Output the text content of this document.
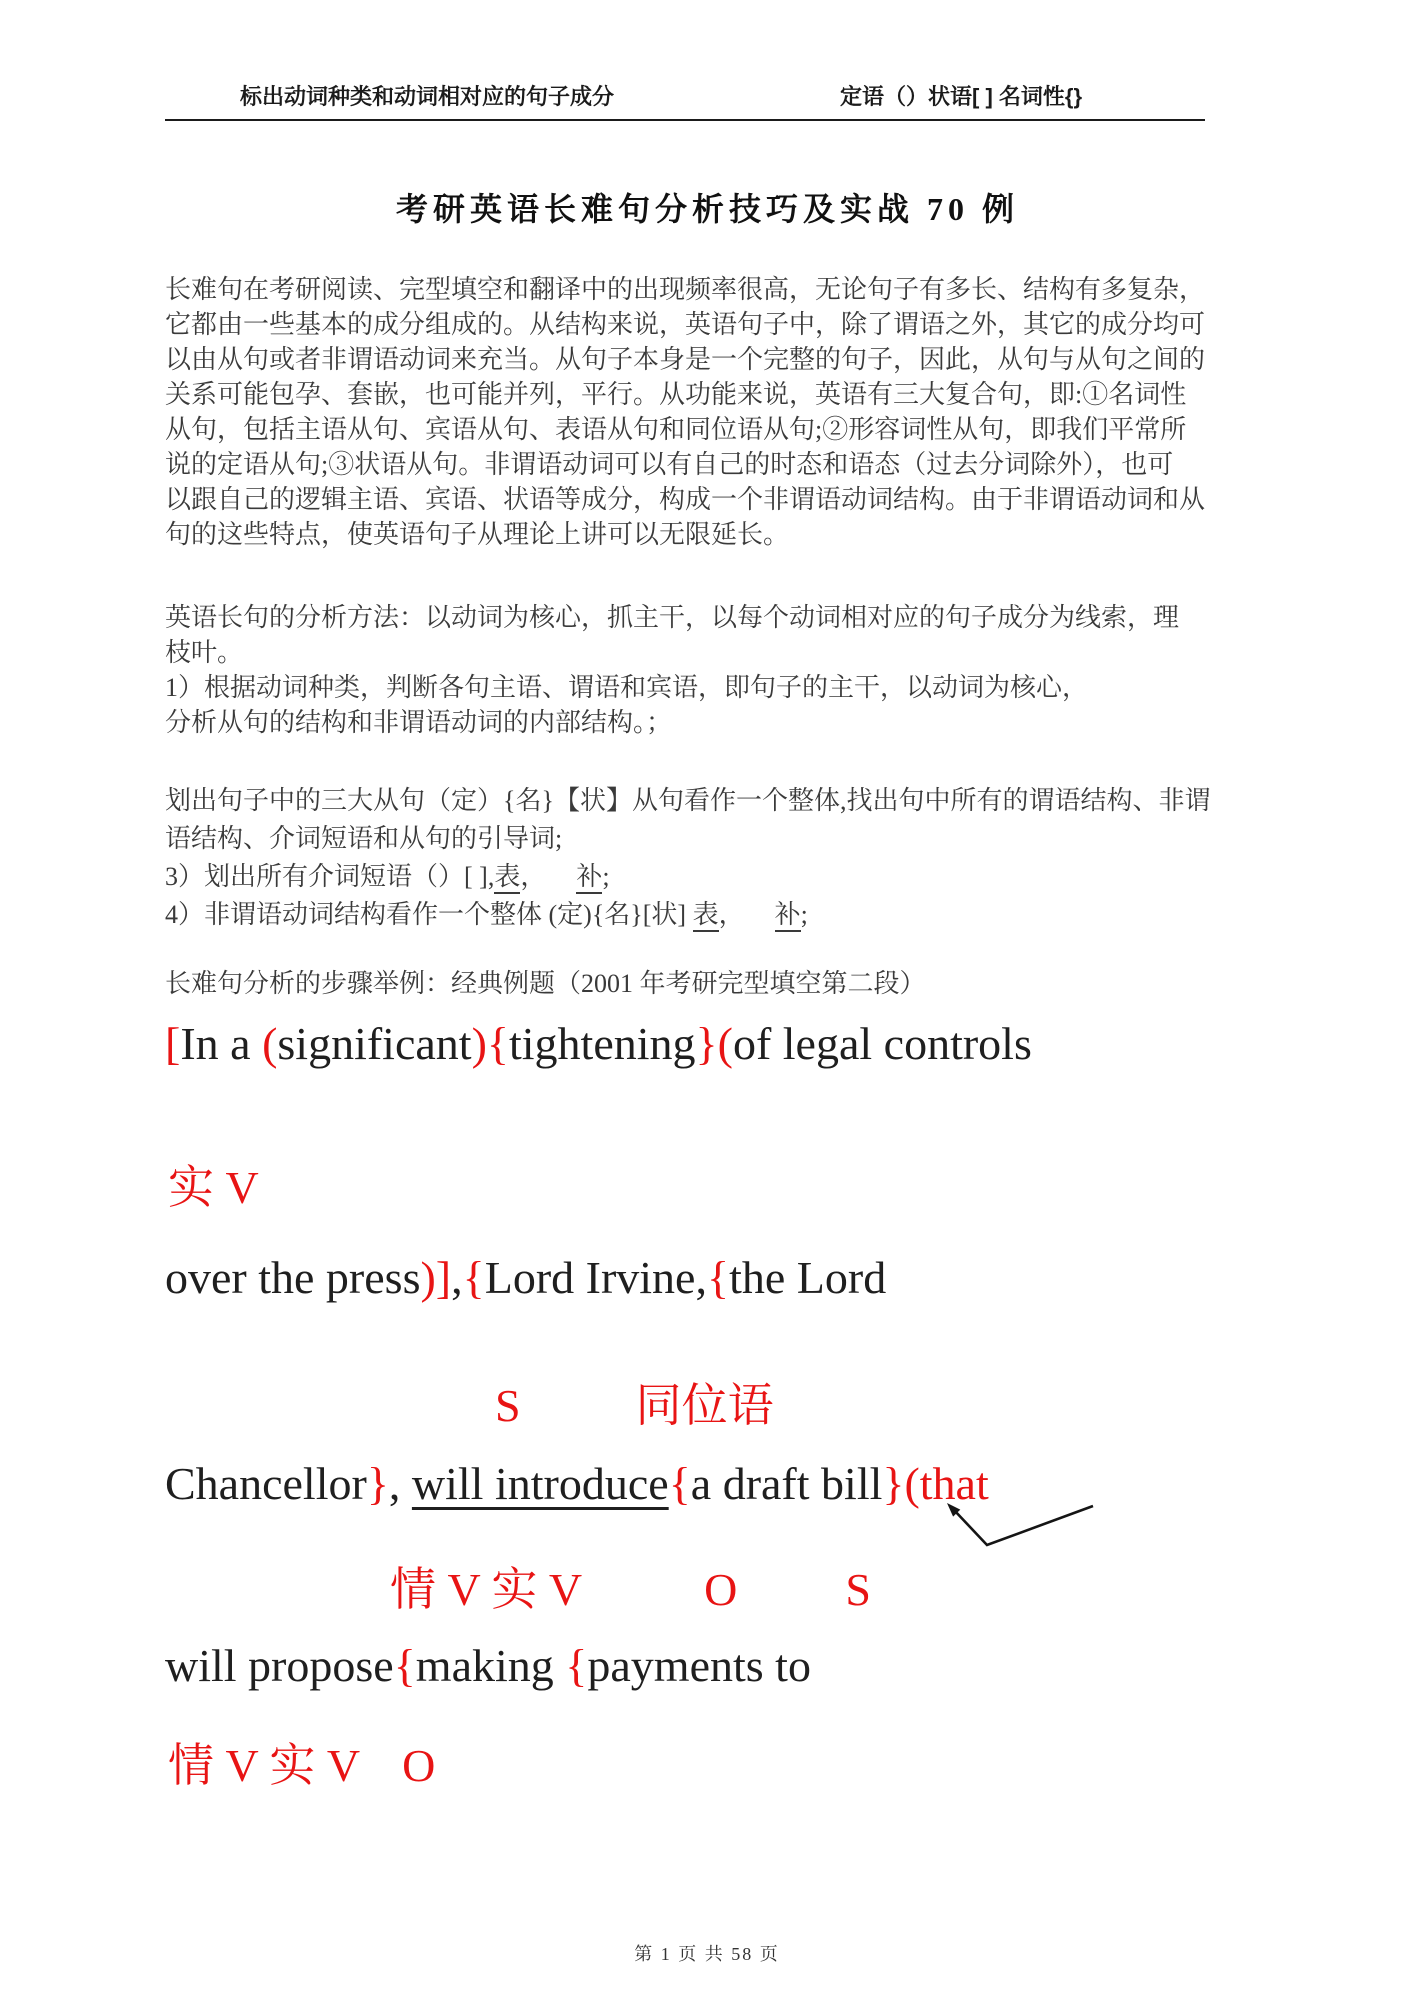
标出动词种类和动词相对应的句子成分	定语（）状语[ ] 名词性{}
考研英语长难句分析技巧及实战 70 例
长难句在考研阅读、完型填空和翻译中的出现频率很高，无论句子有多长、结构有多复杂，
它都由一些基本的成分组成的。从结构来说，英语句子中，除了谓语之外，其它的成分均可
以由从句或者非谓语动词来充当。从句子本身是一个完整的句子，因此，从句与从句之间的
关系可能包孕、套嵌，也可能并列，平行。从功能来说，英语有三大复合句，即:①名词性
从句，包括主语从句、宾语从句、表语从句和同位语从句;②形容词性从句，即我们平常所
说的定语从句;③状语从句。非谓语动词可以有自己的时态和语态（过去分词除外），也可
以跟自己的逻辑主语、宾语、状语等成分，构成一个非谓语动词结构。由于非谓语动词和从
句的这些特点，使英语句子从理论上讲可以无限延长。
英语长句的分析方法：以动词为核心，抓主干，以每个动词相对应的句子成分为线索，理
枝叶。
1）根据动词种类，判断各句主语、谓语和宾语，即句子的主干，以动词为核心，
分析从句的结构和非谓语动词的内部结构。；
划出句子中的三大从句（定）{名}【状】从句看作一个整体,找出句中所有的谓语结构、非谓
语结构、介词短语和从句的引导词;
3）划出所有介词短语（）[ ],表， 补;
4）非谓语动词结构看作一个整体 (定){名}[状] 表， 补;
长难句分析的步骤举例：经典例题（2001 年考研完型填空第二段）
[In a (significant){tightening}(of legal controls
实 V
over the press)],{Lord Irvine,{the Lord
S	同位语
Chancellor}, will introduce{a draft bill}(that
情 V 实 V	O S
will propose{making {payments to
情 V 实 V O
第 1 页 共 58 页
